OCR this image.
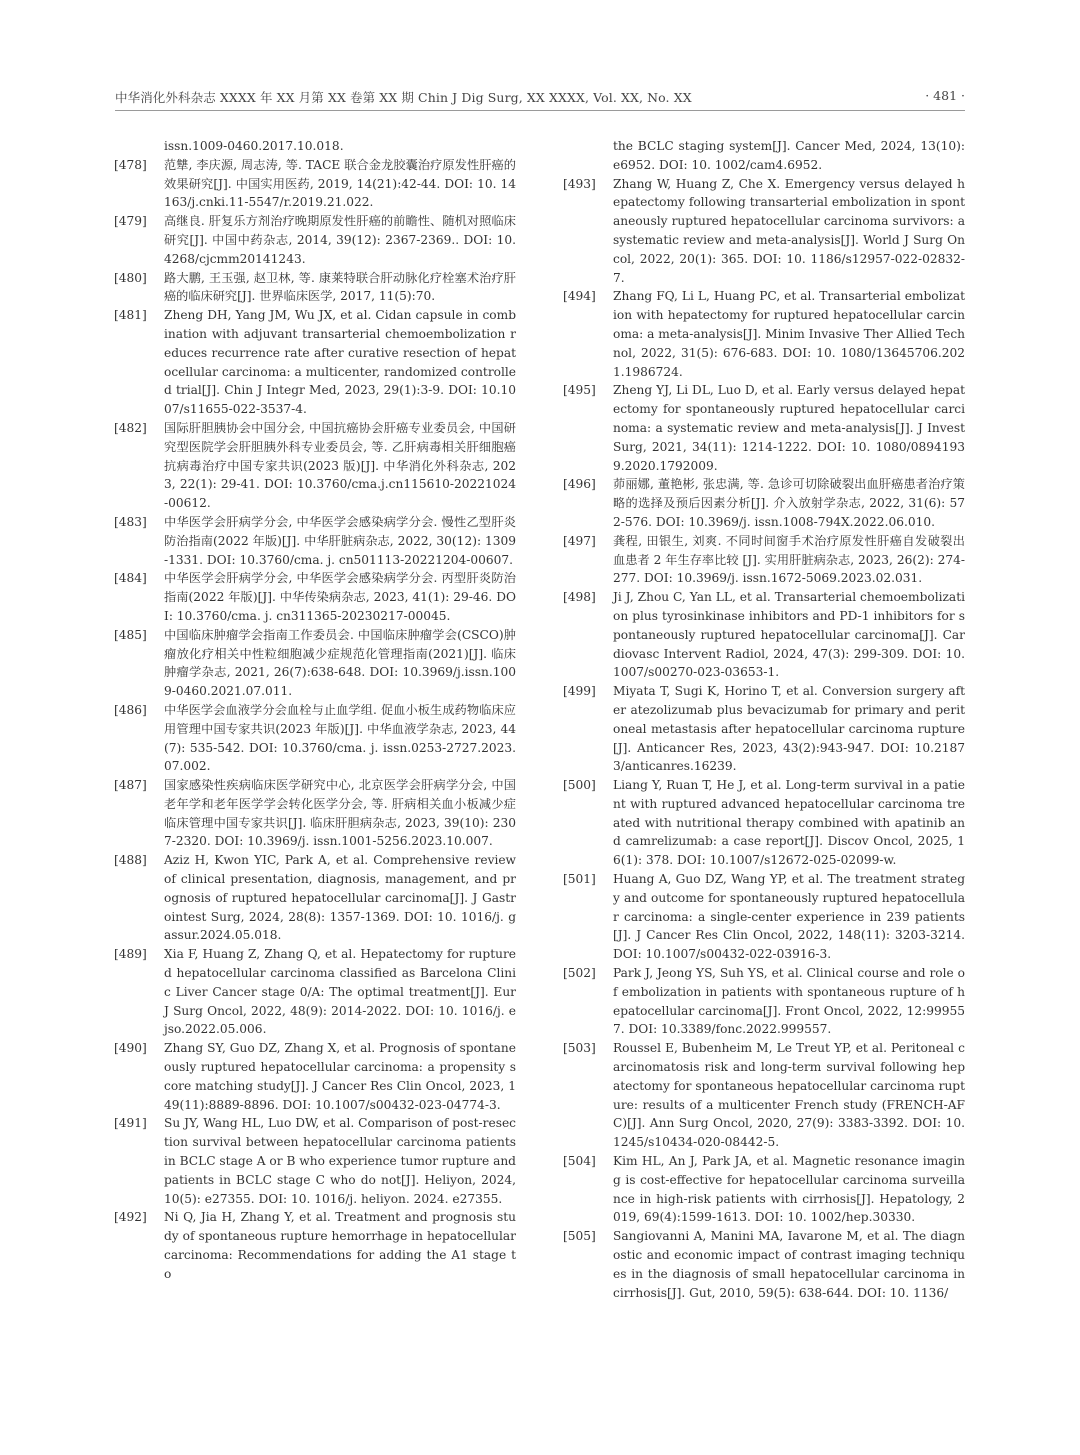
中华消化外科杂志 XXXX 年 XX 月第 XX 卷第 XX 期 Chin J Dig Surg, XX XXXX, Vol. XX, No. XX	· 481 ·
issn.1009-0460.2017.10.018.
[478]	范犨, 李庆源, 周志涛, 等. TACE 联合金龙胶囊治疗原发性肝癌的效果研究[J]. 中国实用医药, 2019, 14(21):42-44. DOI: 10. 14163/j.cnki.11-5547/r.2019.21.022.
[479]	高继良. 肝复乐方剂治疗晚期原发性肝癌的前瞻性、随机对照临床研究[J]. 中国中药杂志, 2014, 39(12): 2367-2369.. DOI: 10.4268/cjcmm20141243.
[480]	路大鹏, 王玉强, 赵卫林, 等. 康莱特联合肝动脉化疗栓塞术治疗肝癌的临床研究[J]. 世界临床医学, 2017, 11(5):70.
[481]	Zheng DH, Yang JM, Wu JX, et al. Cidan capsule in combination with adjuvant transarterial chemoembolization reduces recurrence rate after curative resection of hepatocellular carcinoma: a multicenter, randomized controlled trial[J]. Chin J Integr Med, 2023, 29(1):3-9. DOI: 10.1007/s11655-022-3537-4.
[482]	国际肝胆胰协会中国分会, 中国抗癌协会肝癌专业委员会, 中国研究型医院学会肝胆胰外科专业委员会, 等. 乙肝病毒相关肝细胞癌抗病毒治疗中国专家共识(2023 版)[J]. 中华消化外科杂志, 2023, 22(1): 29-41. DOI: 10.3760/cma.j.cn115610-20221024-00612.
[483]	中华医学会肝病学分会, 中华医学会感染病学分会. 慢性乙型肝炎防治指南(2022 年版)[J]. 中华肝脏病杂志, 2022, 30(12): 1309-1331. DOI: 10.3760/cma. j. cn501113-20221204-00607.
[484]	中华医学会肝病学分会, 中华医学会感染病学分会. 丙型肝炎防治指南(2022 年版)[J]. 中华传染病杂志, 2023, 41(1): 29-46. DOI: 10.3760/cma. j. cn311365-20230217-00045.
[485]	中国临床肿瘤学会指南工作委员会. 中国临床肿瘤学会(CSCO)肿瘤放化疗相关中性粒细胞减少症规范化管理指南(2021)[J]. 临床肿瘤学杂志, 2021, 26(7):638-648. DOI: 10.3969/j.issn.1009-0460.2021.07.011.
[486]	中华医学会血液学分会血栓与止血学组. 促血小板生成药物临床应用管理中国专家共识(2023 年版)[J]. 中华血液学杂志, 2023, 44(7): 535-542. DOI: 10.3760/cma. j. issn.0253-2727.2023.07.002.
[487]	国家感染性疾病临床医学研究中心, 北京医学会肝病学分会, 中国老年学和老年医学学会转化医学分会, 等. 肝病相关血小板减少症临床管理中国专家共识[J]. 临床肝胆病杂志, 2023, 39(10): 2307-2320. DOI: 10.3969/j. issn.1001-5256.2023.10.007.
[488]	Aziz H, Kwon YIC, Park A, et al. Comprehensive review of clinical presentation, diagnosis, management, and prognosis of ruptured hepatocellular carcinoma[J]. J Gastrointest Surg, 2024, 28(8): 1357-1369. DOI: 10. 1016/j. gassur.2024.05.018.
[489]	Xia F, Huang Z, Zhang Q, et al. Hepatectomy for ruptured hepatocellular carcinoma classified as Barcelona Clinic Liver Cancer stage 0/A: The optimal treatment[J]. Eur J Surg Oncol, 2022, 48(9): 2014-2022. DOI: 10. 1016/j. ejso.2022.05.006.
[490]	Zhang SY, Guo DZ, Zhang X, et al. Prognosis of spontaneously ruptured hepatocellular carcinoma: a propensity score matching study[J]. J Cancer Res Clin Oncol, 2023, 149(11):8889-8896. DOI: 10.1007/s00432-023-04774-3.
[491]	Su JY, Wang HL, Luo DW, et al. Comparison of post-resection survival between hepatocellular carcinoma patients in BCLC stage A or B who experience tumor rupture and patients in BCLC stage C who do not[J]. Heliyon, 2024, 10(5): e27355. DOI: 10. 1016/j. heliyon. 2024. e27355.
[492]	Ni Q, Jia H, Zhang Y, et al. Treatment and prognosis study of spontaneous rupture hemorrhage in hepatocellular carcinoma: Recommendations for adding the A1 stage to
the BCLC staging system[J]. Cancer Med, 2024, 13(10): e6952. DOI: 10. 1002/cam4.6952.
[493]	Zhang W, Huang Z, Che X. Emergency versus delayed hepatectomy following transarterial embolization in spontaneously ruptured hepatocellular carcinoma survivors: a systematic review and meta-analysis[J]. World J Surg Oncol, 2022, 20(1): 365. DOI: 10. 1186/s12957-022-02832-7.
[494]	Zhang FQ, Li L, Huang PC, et al. Transarterial embolization with hepatectomy for ruptured hepatocellular carcinoma: a meta-analysis[J]. Minim Invasive Ther Allied Technol, 2022, 31(5): 676-683. DOI: 10. 1080/13645706.2021.1986724.
[495]	Zheng YJ, Li DL, Luo D, et al. Early versus delayed hepatectomy for spontaneously ruptured hepatocellular carcinoma: a systematic review and meta-analysis[J]. J Invest Surg, 2021, 34(11): 1214-1222. DOI: 10. 1080/08941939.2020.1792009.
[496]	茆丽娜, 董艳彬, 张忠满, 等. 急诊可切除破裂出血肝癌患者治疗策略的选择及预后因素分析[J]. 介入放射学杂志, 2022, 31(6): 572-576. DOI: 10.3969/j. issn.1008-794X.2022.06.010.
[497]	龚程, 田银生, 刘爽. 不同时间窗手术治疗原发性肝癌自发破裂出血患者 2 年生存率比较 [J]. 实用肝脏病杂志, 2023, 26(2): 274-277. DOI: 10.3969/j. issn.1672-5069.2023.02.031.
[498]	Ji J, Zhou C, Yan LL, et al. Transarterial chemoembolization plus tyrosinkinase inhibitors and PD-1 inhibitors for spontaneously ruptured hepatocellular carcinoma[J]. Cardiovasc Intervent Radiol, 2024, 47(3): 299-309. DOI: 10.1007/s00270-023-03653-1.
[499]	Miyata T, Sugi K, Horino T, et al. Conversion surgery after atezolizumab plus bevacizumab for primary and peritoneal metastasis after hepatocellular carcinoma rupture[J]. Anticancer Res, 2023, 43(2):943-947. DOI: 10.21873/anticanres.16239.
[500]	Liang Y, Ruan T, He J, et al. Long-term survival in a patient with ruptured advanced hepatocellular carcinoma treated with nutritional therapy combined with apatinib and camrelizumab: a case report[J]. Discov Oncol, 2025, 16(1): 378. DOI: 10.1007/s12672-025-02099-w.
[501]	Huang A, Guo DZ, Wang YP, et al. The treatment strategy and outcome for spontaneously ruptured hepatocellular carcinoma: a single-center experience in 239 patients[J]. J Cancer Res Clin Oncol, 2022, 148(11): 3203-3214. DOI: 10.1007/s00432-022-03916-3.
[502]	Park J, Jeong YS, Suh YS, et al. Clinical course and role of embolization in patients with spontaneous rupture of hepatocellular carcinoma[J]. Front Oncol, 2022, 12:999557. DOI: 10.3389/fonc.2022.999557.
[503]	Roussel E, Bubenheim M, Le Treut YP, et al. Peritoneal carcinomatosis risk and long-term survival following hepatectomy for spontaneous hepatocellular carcinoma rupture: results of a multicenter French study (FRENCH-AFC)[J]. Ann Surg Oncol, 2020, 27(9): 3383-3392. DOI: 10.1245/s10434-020-08442-5.
[504]	Kim HL, An J, Park JA, et al. Magnetic resonance imaging is cost-effective for hepatocellular carcinoma surveillance in high-risk patients with cirrhosis[J]. Hepatology, 2019, 69(4):1599-1613. DOI: 10. 1002/hep.30330.
[505]	Sangiovanni A, Manini MA, Iavarone M, et al. The diagnostic and economic impact of contrast imaging techniques in the diagnosis of small hepatocellular carcinoma in cirrhosis[J]. Gut, 2010, 59(5): 638-644. DOI: 10. 1136/
